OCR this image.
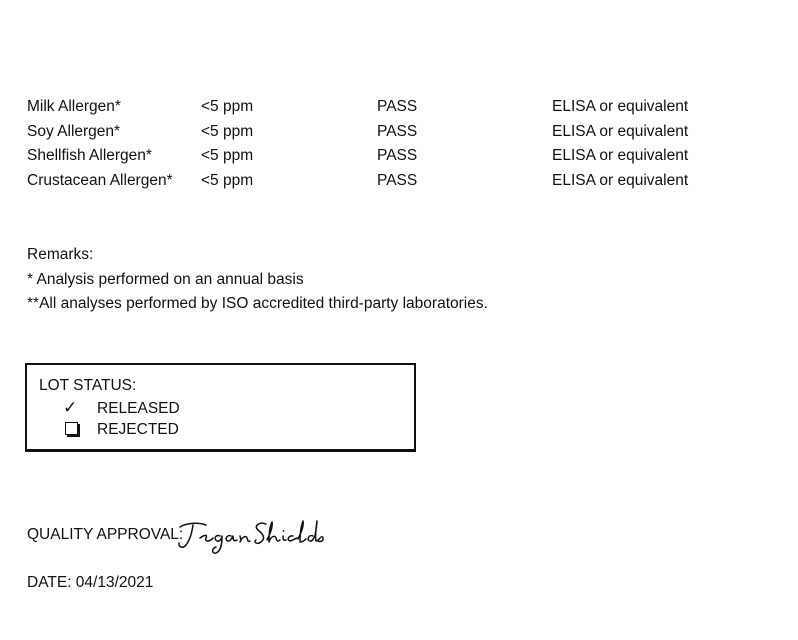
Milk Allergen*	<5 ppm	PASS	ELISA or equivalent
Soy Allergen*	<5 ppm	PASS	ELISA or equivalent
Shellfish Allergen*	<5 ppm	PASS	ELISA or equivalent
Crustacean Allergen* <5 ppm	PASS	ELISA or equivalent
Remarks:
* Analysis performed on an annual basis
**All analyses performed by ISO accredited third-party laboratories.
LOT STATUS:
✓ RELEASED
REJECTED
QUALITY APPROVAL:
DATE: 04/13/2021
